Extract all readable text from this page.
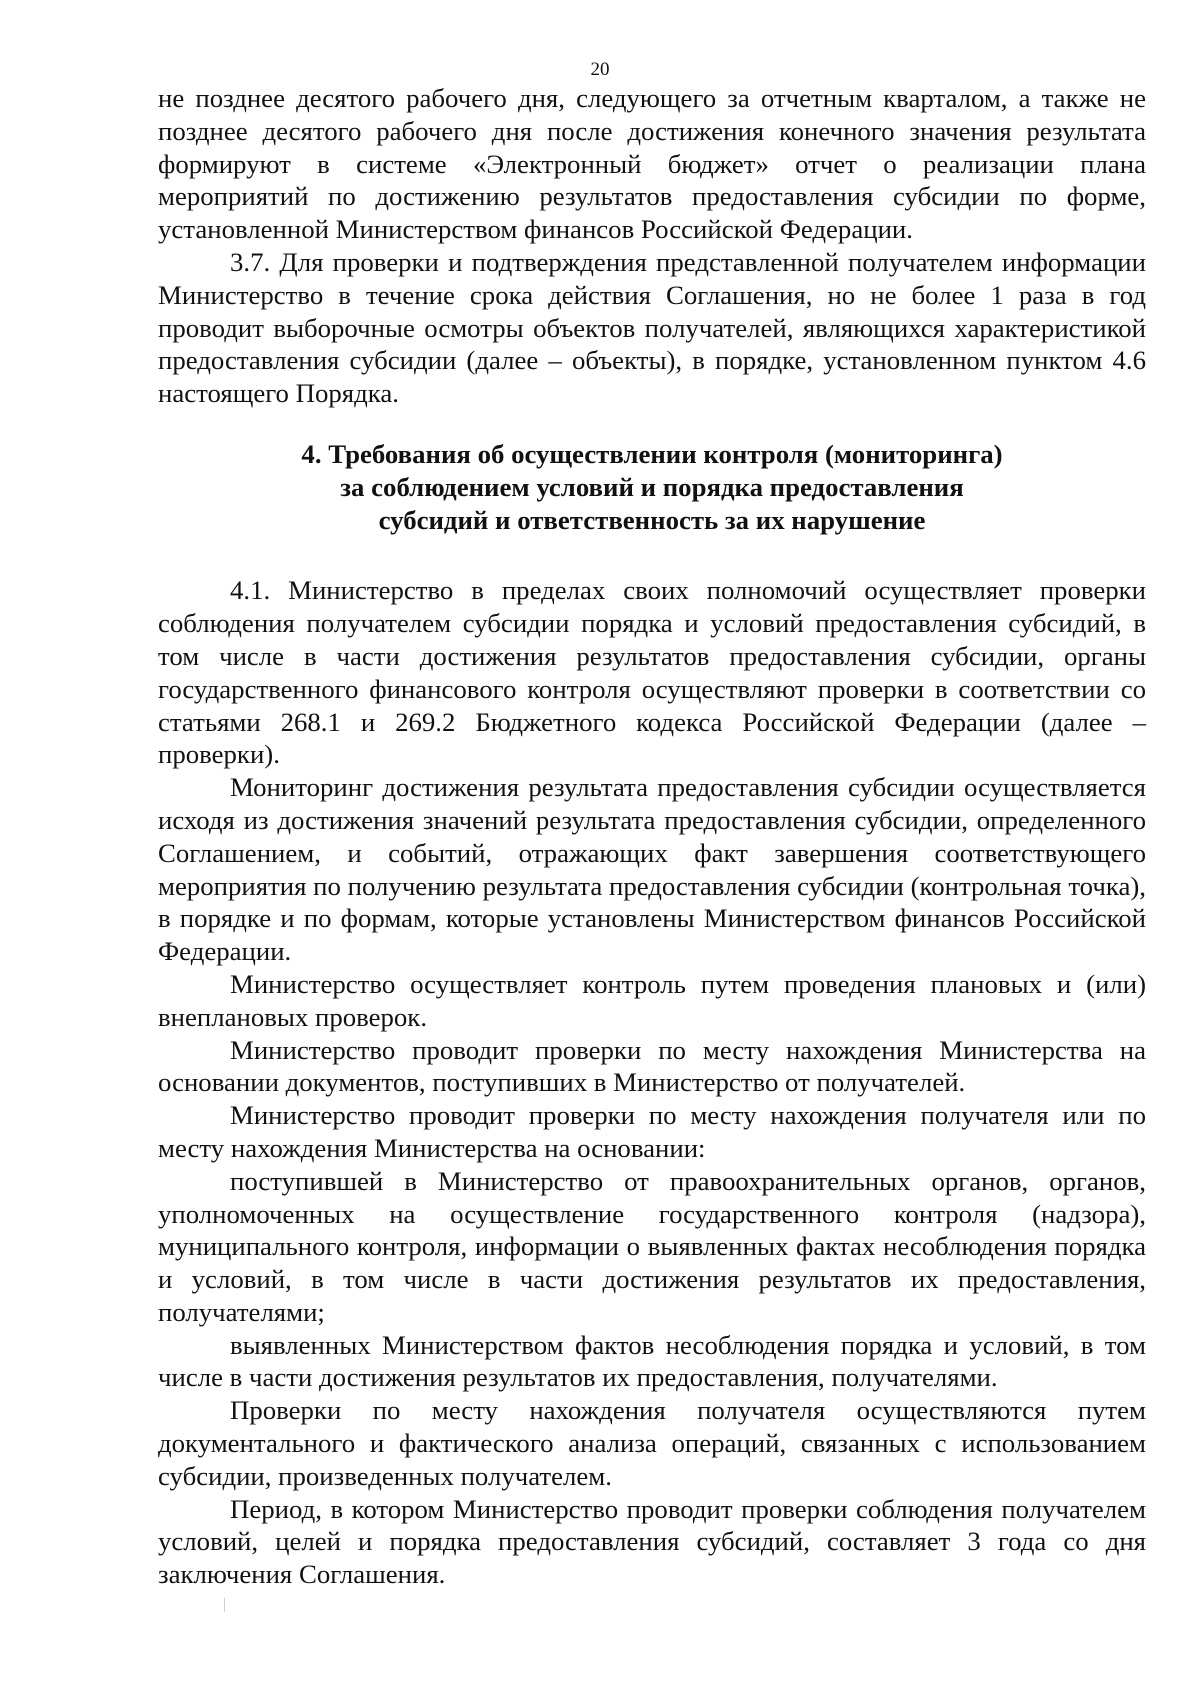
20

не позднее десятого рабочего дня, следующего за отчетным кварталом, а также не позднее десятого рабочего дня после достижения конечного значения результата формируют в системе «Электронный бюджет» отчет о реализации плана мероприятий по достижению результатов предоставления субсидии по форме, установленной Министерством финансов Российской Федерации.

3.7. Для проверки и подтверждения представленной получателем информации Министерство в течение срока действия Соглашения, но не более 1 раза в год проводит выборочные осмотры объектов получателей, являющихся характеристикой предоставления субсидии (далее – объекты), в порядке, установленном пунктом 4.6 настоящего Порядка.

4. Требования об осуществлении контроля (мониторинга)
за соблюдением условий и порядка предоставления
субсидий и ответственность за их нарушение

4.1. Министерство в пределах своих полномочий осуществляет проверки соблюдения получателем субсидии порядка и условий предоставления субсидий, в том числе в части достижения результатов предоставления субсидии, органы государственного финансового контроля осуществляют проверки в соответствии со статьями 268.1 и 269.2 Бюджетного кодекса Российской Федерации (далее – проверки).

Мониторинг достижения результата предоставления субсидии осуществляется исходя из достижения значений результата предоставления субсидии, определенного Соглашением, и событий, отражающих факт завершения соответствующего мероприятия по получению результата предоставления субсидии (контрольная точка), в порядке и по формам, которые установлены Министерством финансов Российской Федерации.

Министерство осуществляет контроль путем проведения плановых и (или) внеплановых проверок.

Министерство проводит проверки по месту нахождения Министерства на основании документов, поступивших в Министерство от получателей.

Министерство проводит проверки по месту нахождения получателя или по месту нахождения Министерства на основании:

поступившей в Министерство от правоохранительных органов, органов, уполномоченных на осуществление государственного контроля (надзора), муниципального контроля, информации о выявленных фактах несоблюдения порядка и условий, в том числе в части достижения результатов их предоставления, получателями;

выявленных Министерством фактов несоблюдения порядка и условий, в том числе в части достижения результатов их предоставления, получателями.

Проверки по месту нахождения получателя осуществляются путем документального и фактического анализа операций, связанных с использованием субсидии, произведенных получателем.

Период, в котором Министерство проводит проверки соблюдения получателем условий, целей и порядка предоставления субсидий, составляет 3 года со дня заключения Соглашения.
